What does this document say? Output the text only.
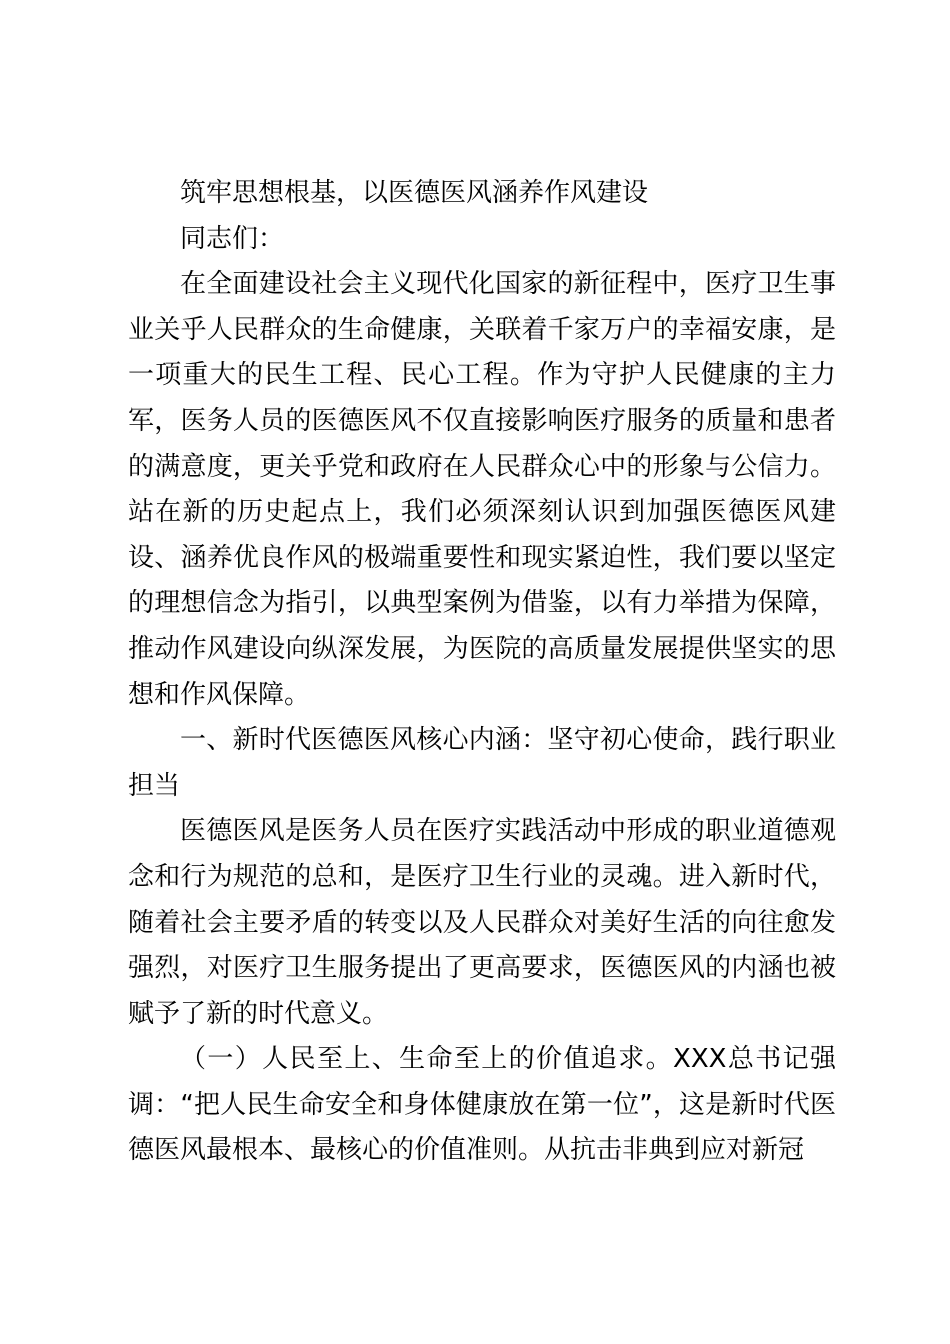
筑牢思想根基，以医德医风涵养作风建设

同志们：

在全面建设社会主义现代化国家的新征程中，医疗卫生事业关乎人民群众的生命健康，关联着千家万户的幸福安康，是一项重大的民生工程、民心工程。作为守护人民健康的主力军，医务人员的医德医风不仅直接影响医疗服务的质量和患者的满意度，更关乎党和政府在人民群众心中的形象与公信力。站在新的历史起点上，我们必须深刻认识到加强医德医风建设、涵养优良作风的极端重要性和现实紧迫性，我们要以坚定的理想信念为指引，以典型案例为借鉴，以有力举措为保障，推动作风建设向纵深发展，为医院的高质量发展提供坚实的思想和作风保障。

一、新时代医德医风核心内涵：坚守初心使命，践行职业担当

医德医风是医务人员在医疗实践活动中形成的职业道德观念和行为规范的总和，是医疗卫生行业的灵魂。进入新时代，随着社会主要矛盾的转变以及人民群众对美好生活的向往愈发强烈，对医疗卫生服务提出了更高要求，医德医风的内涵也被赋予了新的时代意义。

（一）人民至上、生命至上的价值追求。XXX总书记强调：“把人民生命安全和身体健康放在第一位”，这是新时代医德医风最根本、最核心的价值准则。从抗击非典到应对新冠
